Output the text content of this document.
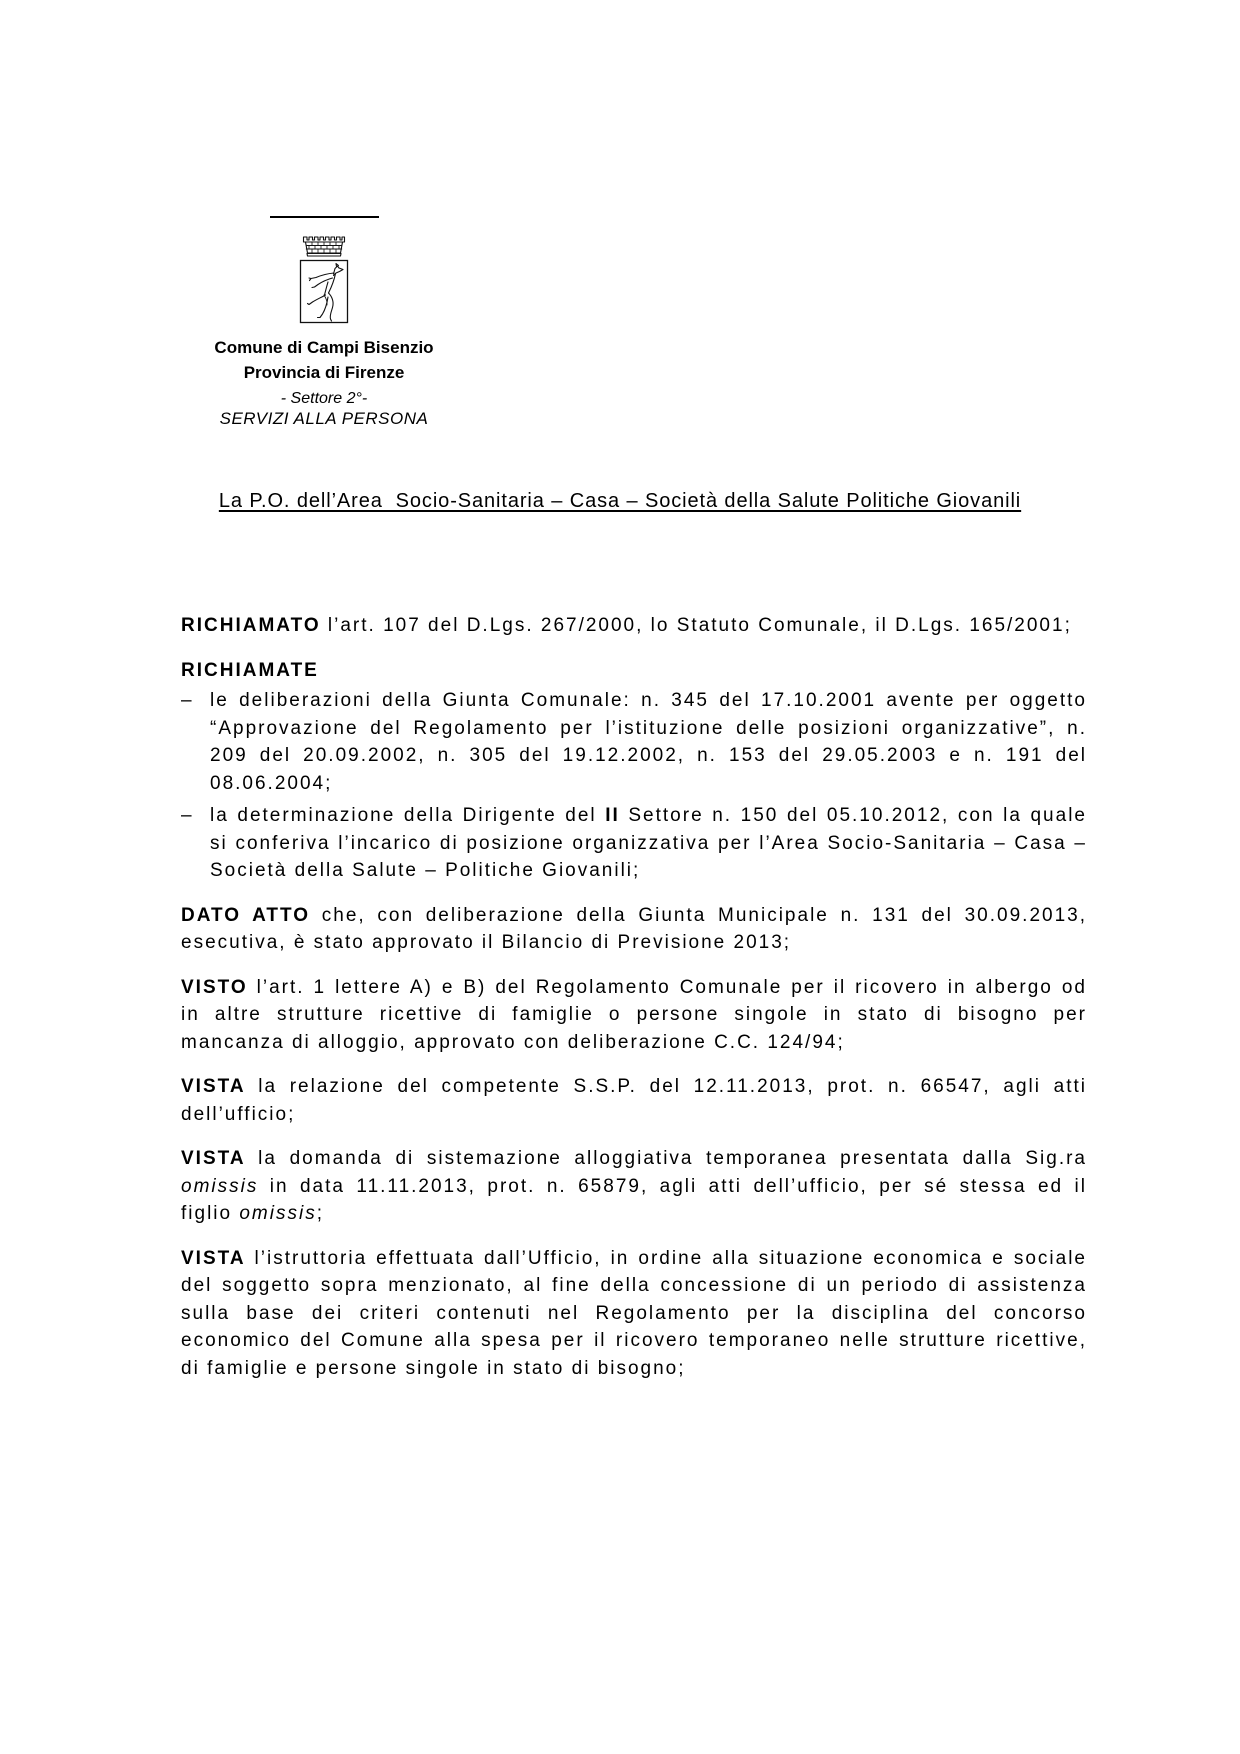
Comune di Campi Bisenzio
Provincia di Firenze
- Settore 2°-
SERVIZI ALLA PERSONA
La P.O. dell’Area  Socio-Sanitaria – Casa – Società della Salute Politiche Giovanili

RICHIAMATO l’art. 107 del D.Lgs. 267/2000, lo Statuto Comunale, il D.Lgs. 165/2001;

RICHIAMATE

– le deliberazioni della Giunta Comunale: n. 345 del 17.10.2001 avente per oggetto “Approvazione del Regolamento per l’istituzione delle posizioni organizzative”, n. 209 del 20.09.2002, n. 305 del 19.12.2002, n. 153 del 29.05.2003 e n. 191 del 08.06.2004;
– la determinazione della Dirigente del II Settore n. 150 del 05.10.2012, con la quale si conferiva l’incarico di posizione organizzativa per l’Area Socio-Sanitaria – Casa – Società della Salute – Politiche Giovanili;

DATO ATTO che, con deliberazione della Giunta Municipale n. 131 del 30.09.2013, esecutiva, è stato approvato il Bilancio di Previsione 2013;

VISTO l’art. 1 lettere A) e B) del Regolamento Comunale per il ricovero in albergo od in altre strutture ricettive di famiglie o persone singole in stato di bisogno per mancanza di alloggio, approvato con deliberazione C.C. 124/94;

VISTA la relazione del competente S.S.P. del 12.11.2013, prot. n. 66547, agli atti dell’ufficio;

VISTA la domanda di sistemazione alloggiativa temporanea presentata dalla Sig.ra omissis in data 11.11.2013, prot. n. 65879, agli atti dell’ufficio, per sé stessa ed il figlio omissis;

VISTA l’istruttoria effettuata dall’Ufficio, in ordine alla situazione economica e sociale del soggetto sopra menzionato, al fine della concessione di un periodo di assistenza sulla base dei criteri contenuti nel Regolamento per la disciplina del concorso economico del Comune alla spesa per il ricovero temporaneo nelle strutture ricettive, di famiglie e persone singole in stato di bisogno;
